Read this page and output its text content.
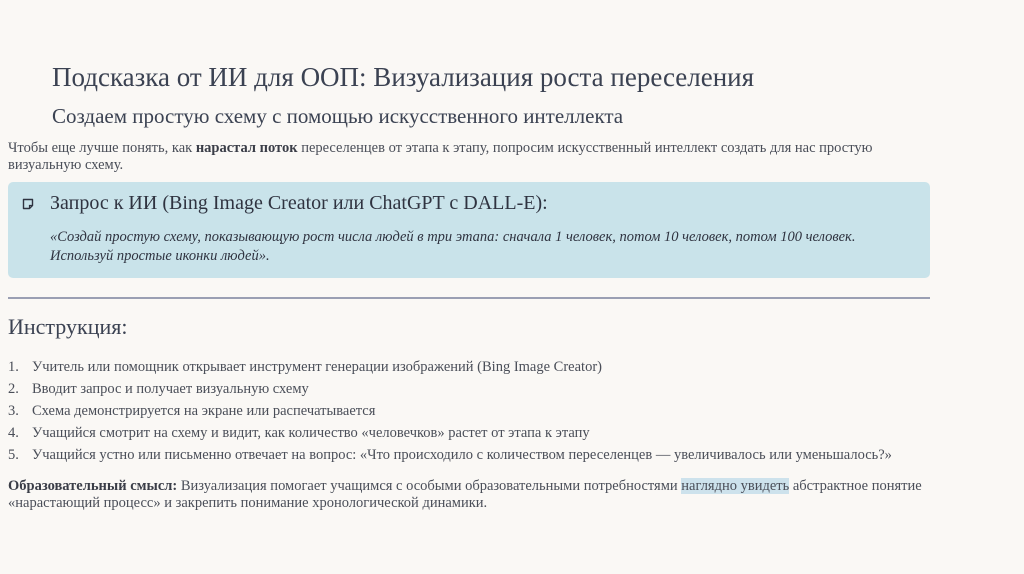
Подсказка от ИИ для ООП: Визуализация роста переселения
Создаем простую схему с помощью искусственного интеллекта
Чтобы еще лучше понять, как нарастал поток переселенцев от этапа к этапу, попросим искусственный интеллект создать для нас простую визуальную схему.
Запрос к ИИ (Bing Image Creator или ChatGPT с DALL-E):
«Создай простую схему, показывающую рост числа людей в три этапа: сначала 1 человек, потом 10 человек, потом 100 человек. Используй простые иконки людей».
Инструкция:
1. Учитель или помощник открывает инструмент генерации изображений (Bing Image Creator)
2. Вводит запрос и получает визуальную схему
3. Схема демонстрируется на экране или распечатывается
4. Учащийся смотрит на схему и видит, как количество «человечков» растет от этапа к этапу
5. Учащийся устно или письменно отвечает на вопрос: «Что происходило с количеством переселенцев — увеличивалось или уменьшалось?»
Образовательный смысл: Визуализация помогает учащимся с особыми образовательными потребностями наглядно увидеть абстрактное понятие «нарастающий процесс» и закрепить понимание хронологической динамики.
